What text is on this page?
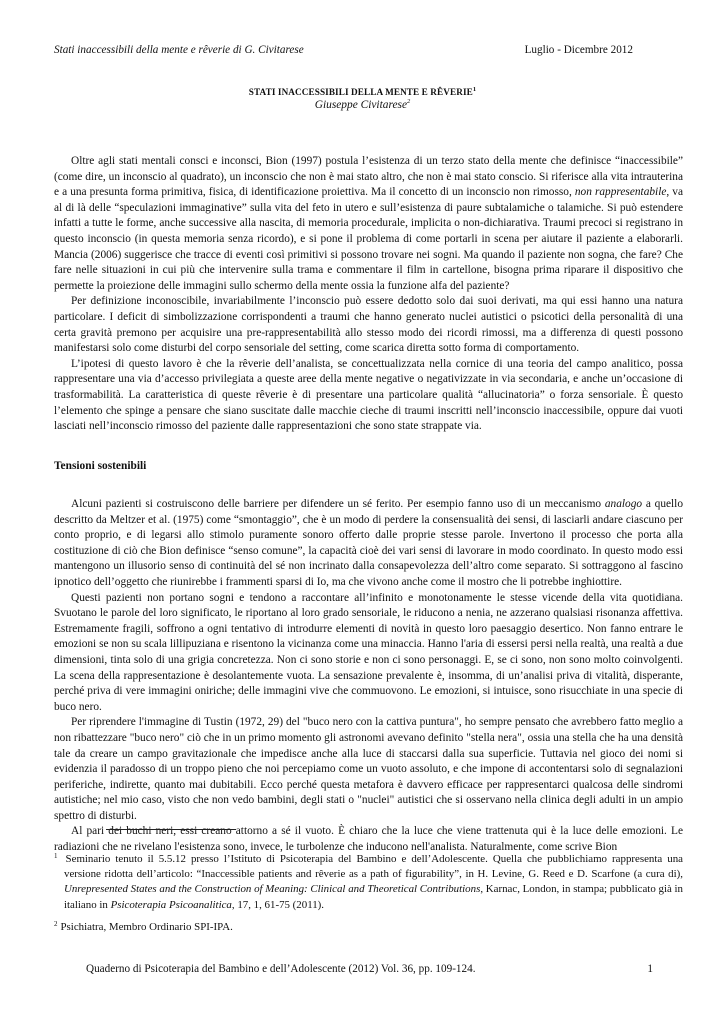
Stati inaccessibili della mente e rêverie di G. Civitarese	Luglio - Dicembre 2012
STATI INACCESSIBILI DELLA MENTE E RÊVERIE$^1$
Giuseppe Civitarese$^2$

Oltre agli stati mentali consci e inconsci, Bion (1997) postula l’esistenza di un terzo stato della mente che definisce “inaccessibile” (come dire, un inconscio al quadrato), un inconscio che non è mai stato altro, che non è mai stato conscio. Si riferisce alla vita intrauterina e a una presunta forma primitiva, fisica, di identificazione proiettiva. Ma il concetto di un inconscio non rimosso, non rappresentabile, va al di là delle “speculazioni immaginative” sulla vita del feto in utero e sull’esistenza di paure subtalamiche o talamiche. Si può estendere infatti a tutte le forme, anche successive alla nascita, di memoria procedurale, implicita o non-dichiarativa. Traumi precoci si registrano in questo inconscio (in questa memoria senza ricordo), e si pone il problema di come portarli in scena per aiutare il paziente a elaborarli. Mancia (2006) suggerisce che tracce di eventi così primitivi si possono trovare nei sogni. Ma quando il paziente non sogna, che fare? Che fare nelle situazioni in cui più che intervenire sulla trama e commentare il film in cartellone, bisogna prima riparare il dispositivo che permette la proiezione delle immagini sullo schermo della mente ossia la funzione alfa del paziente?

Per definizione inconoscibile, invariabilmente l’inconscio può essere dedotto solo dai suoi derivati, ma qui essi hanno una natura particolare. I deficit di simbolizzazione corrispondenti a traumi che hanno generato nuclei autistici o psicotici della personalità di una certa gravità premono per acquisire una pre-rappresentabilità allo stesso modo dei ricordi rimossi, ma a differenza di questi possono manifestarsi solo come disturbi del corpo sensoriale del setting, come scarica diretta sotto forma di comportamento.

L’ipotesi di questo lavoro è che la rêverie dell’analista, se concettualizzata nella cornice di una teoria del campo analitico, possa rappresentare una via d’accesso privilegiata a queste aree della mente negative o negativizzate in via secondaria, e anche un’occasione di trasformabilità. La caratteristica di queste rêverie è di presentare una particolare qualità “allucinatoria” o forza sensoriale. È questo l’elemento che spinge a pensare che siano suscitate dalle macchie cieche di traumi inscritti nell’inconscio inaccessibile, oppure dai vuoti lasciati nell’inconscio rimosso del paziente dalle rappresentazioni che sono state strappate via.

Tensioni sostenibili

Alcuni pazienti si costruiscono delle barriere per difendere un sé ferito. Per esempio fanno uso di un meccanismo analogo a quello descritto da Meltzer et al. (1975) come “smontaggio”, che è un modo di perdere la consensualità dei sensi, di lasciarli andare ciascuno per conto proprio, e di legarsi allo stimolo puramente sonoro offerto dalle proprie stesse parole. Invertono il processo che porta alla costituzione di ciò che Bion definisce “senso comune”, la capacità cioè dei vari sensi di lavorare in modo coordinato. In questo modo essi mantengono un illusorio senso di continuità del sé non incrinato dalla consapevolezza dell’altro come separato. Si sottraggono al fascino ipnotico dell’oggetto che riunirebbe i frammenti sparsi di Io, ma che vivono anche come il mostro che li potrebbe inghiottire.

Questi pazienti non portano sogni e tendono a raccontare all’infinito e monotonamente le stesse vicende della vita quotidiana. Svuotano le parole del loro significato, le riportano al loro grado sensoriale, le riducono a nenia, ne azzerano qualsiasi risonanza affettiva. Estremamente fragili, soffrono a ogni tentativo di introdurre elementi di novità in questo loro paesaggio desertico. Non fanno entrare le emozioni se non su scala lillipuziana e risentono la vicinanza come una minaccia. Hanno l'aria di essersi persi nella realtà, una realtà a due dimensioni, tinta solo di una grigia concretezza. Non ci sono storie e non ci sono personaggi. E, se ci sono, non sono molto coinvolgenti. La scena della rappresentazione è desolantemente vuota. La sensazione prevalente è, insomma, di un’analisi priva di vitalità, disperante, perché priva di vere immagini oniriche; delle immagini vive che commuovono. Le emozioni, si intuisce, sono risucchiate in una specie di buco nero.

Per riprendere l'immagine di Tustin (1972, 29) del "buco nero con la cattiva puntura", ho sempre pensato che avrebbero fatto meglio a non ribattezzare "buco nero" ciò che in un primo momento gli astronomi avevano definito "stella nera", ossia una stella che ha una densità tale da creare un campo gravitazionale che impedisce anche alla luce di staccarsi dalla sua superficie. Tuttavia nel gioco dei nomi si evidenzia il paradosso di un troppo pieno che noi percepiamo come un vuoto assoluto, e che impone di accontentarsi solo di segnalazioni periferiche, indirette, quanto mai dubitabili. Ecco perché questa metafora è davvero efficace per rappresentarci qualcosa delle sindromi autistiche; nel mio caso, visto che non vedo bambini, degli stati o "nuclei" autistici che si osservano nella clinica degli adulti in un ampio spettro di disturbi.

Al pari dei buchi neri, essi creano attorno a sé il vuoto. È chiaro che la luce che viene trattenuta qui è la luce delle emozioni. Le radiazioni che ne rivelano l'esistenza sono, invece, le turbolenze che inducono nell'analista. Naturalmente, come scrive Bion

$^1$ Seminario tenuto il 5.5.12 presso l’Istituto di Psicoterapia del Bambino e dell’Adolescente. Quella che pubblichiamo rappresenta una versione ridotta dell’articolo: “Inaccessible patients and rêverie as a path of figurability”, in H. Levine, G. Reed e D. Scarfone (a cura di), Unrepresented States and the Construction of Meaning: Clinical and Theoretical Contributions, Karnac, London, in stampa; pubblicato già in italiano in Psicoterapia Psicoanalitica, 17, 1, 61-75 (2011).
$^2$ Psichiatra, Membro Ordinario SPI-IPA.
Quaderno di Psicoterapia del Bambino e dell’Adolescente (2012) Vol. 36, pp. 109-124.	1
